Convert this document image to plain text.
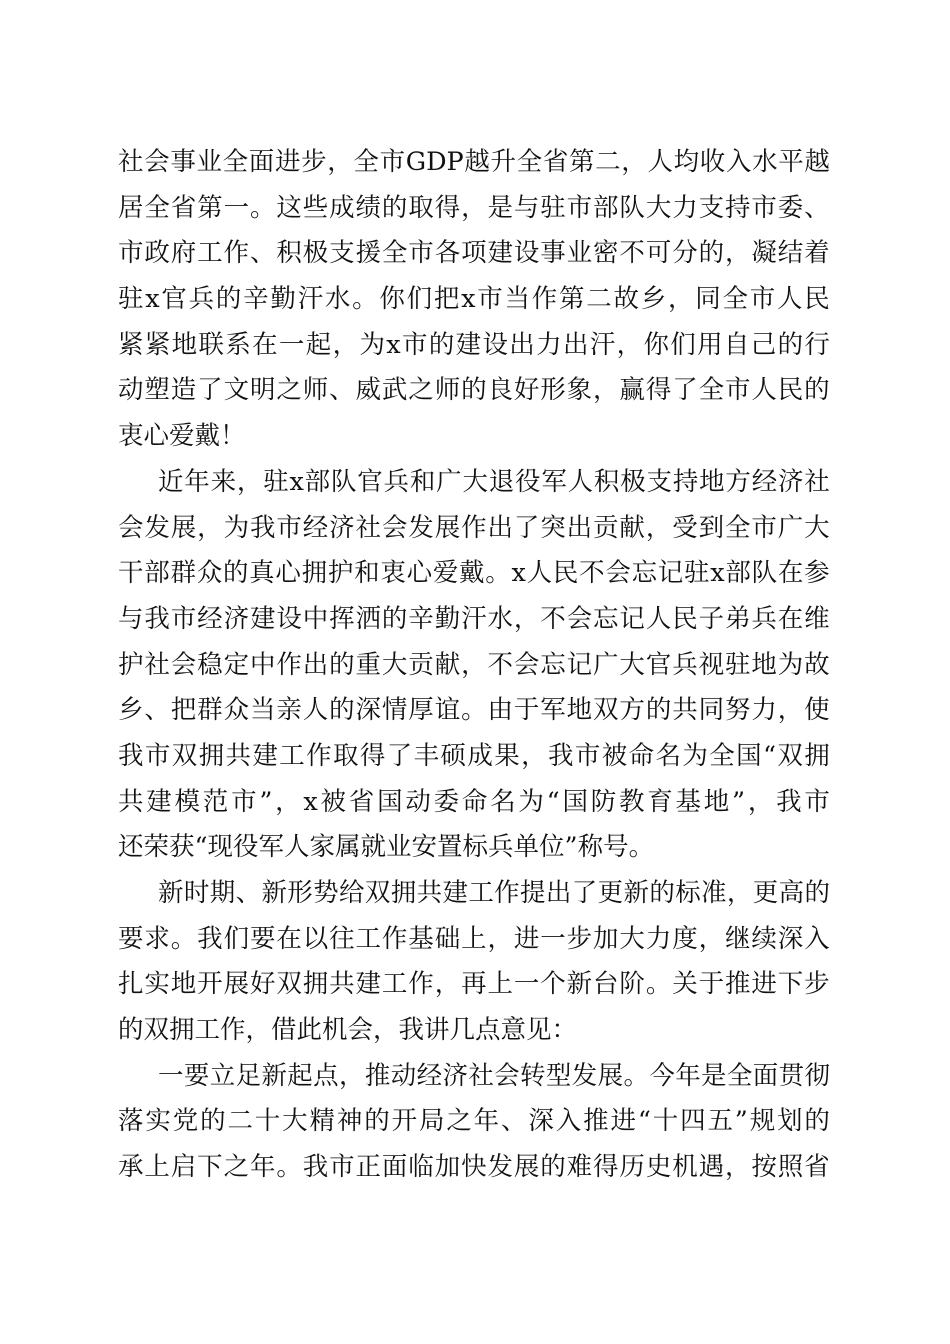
社 会 事 业 全 面 进 步 ， 全 市 GDP 越 升 全 省 第 二 ， 人 均 收 入 水 平 越
居 全 省 第 一 。 这 些 成 绩 的 取 得 ， 是 与 驻 市 部 队 大 力 支 持 市 委 、
市 政 府 工 作 、 积 极 支 援 全 市 各 项 建 设 事 业 密 不 可 分 的 ， 凝 结 着
驻 x 官 兵 的 辛 勤 汗 水 。 你 们 把 x 市 当 作 第 二 故 乡 ， 同 全 市 人 民
紧 紧 地 联 系 在 一 起 ， 为 x 市 的 建 设 出 力 出 汗 ， 你 们 用 自 己 的 行
动 塑 造 了 文 明 之 师 、 威 武 之 师 的 良 好 形 象 ， 赢 得 了 全 市 人 民 的
衷心爱戴！
近 年 来 ， 驻 x 部 队 官 兵 和 广 大 退 役 军 人 积 极 支 持 地 方 经 济 社
会 发 展 ， 为 我 市 经 济 社 会 发 展 作 出 了 突 出 贡 献 ， 受 到 全 市 广 大
干 部 群 众 的 真 心 拥 护 和 衷 心 爱 戴 。 x 人 民 不 会 忘 记 驻 x 部 队 在 参
与 我 市 经 济 建 设 中 挥 洒 的 辛 勤 汗 水 ， 不 会 忘 记 人 民 子 弟 兵 在 维
护 社 会 稳 定 中 作 出 的 重 大 贡 献 ， 不 会 忘 记 广 大 官 兵 视 驻 地 为 故
乡 、 把 群 众 当 亲 人 的 深 情 厚 谊 。 由 于 军 地 双 方 的 共 同 努 力 ， 使
我 市 双 拥 共 建 工 作 取 得 了 丰 硕 成 果 ， 我 市 被 命 名 为 全 国 “ 双 拥
共 建 模 范 市 ” ， x 被 省 国 动 委 命 名 为 “ 国 防 教 育 基 地 ” ， 我 市
还荣获“现役军人家属就业安置标兵单位”称号。
新 时 期 、 新 形 势 给 双 拥 共 建 工 作 提 出 了 更 新 的 标 准 ， 更 高 的
要 求 。 我 们 要 在 以 往 工 作 基 础 上 ， 进 一 步 加 大 力 度 ， 继 续 深 入
扎 实 地 开 展 好 双 拥 共 建 工 作 ， 再 上 一 个 新 台 阶 。 关 于 推 进 下 步
的双拥工作，借此机会，我讲几点意见：
一 要 立 足 新 起 点 ， 推 动 经 济 社 会 转 型 发 展 。 今 年 是 全 面 贯 彻
落 实 党 的 二 十 大 精 神 的 开 局 之 年 、 深 入 推 进 “ 十 四 五 ” 规 划 的
承 上 启 下 之 年 。 我 市 正 面 临 加 快 发 展 的 难 得 历 史 机 遇 ， 按 照 省
